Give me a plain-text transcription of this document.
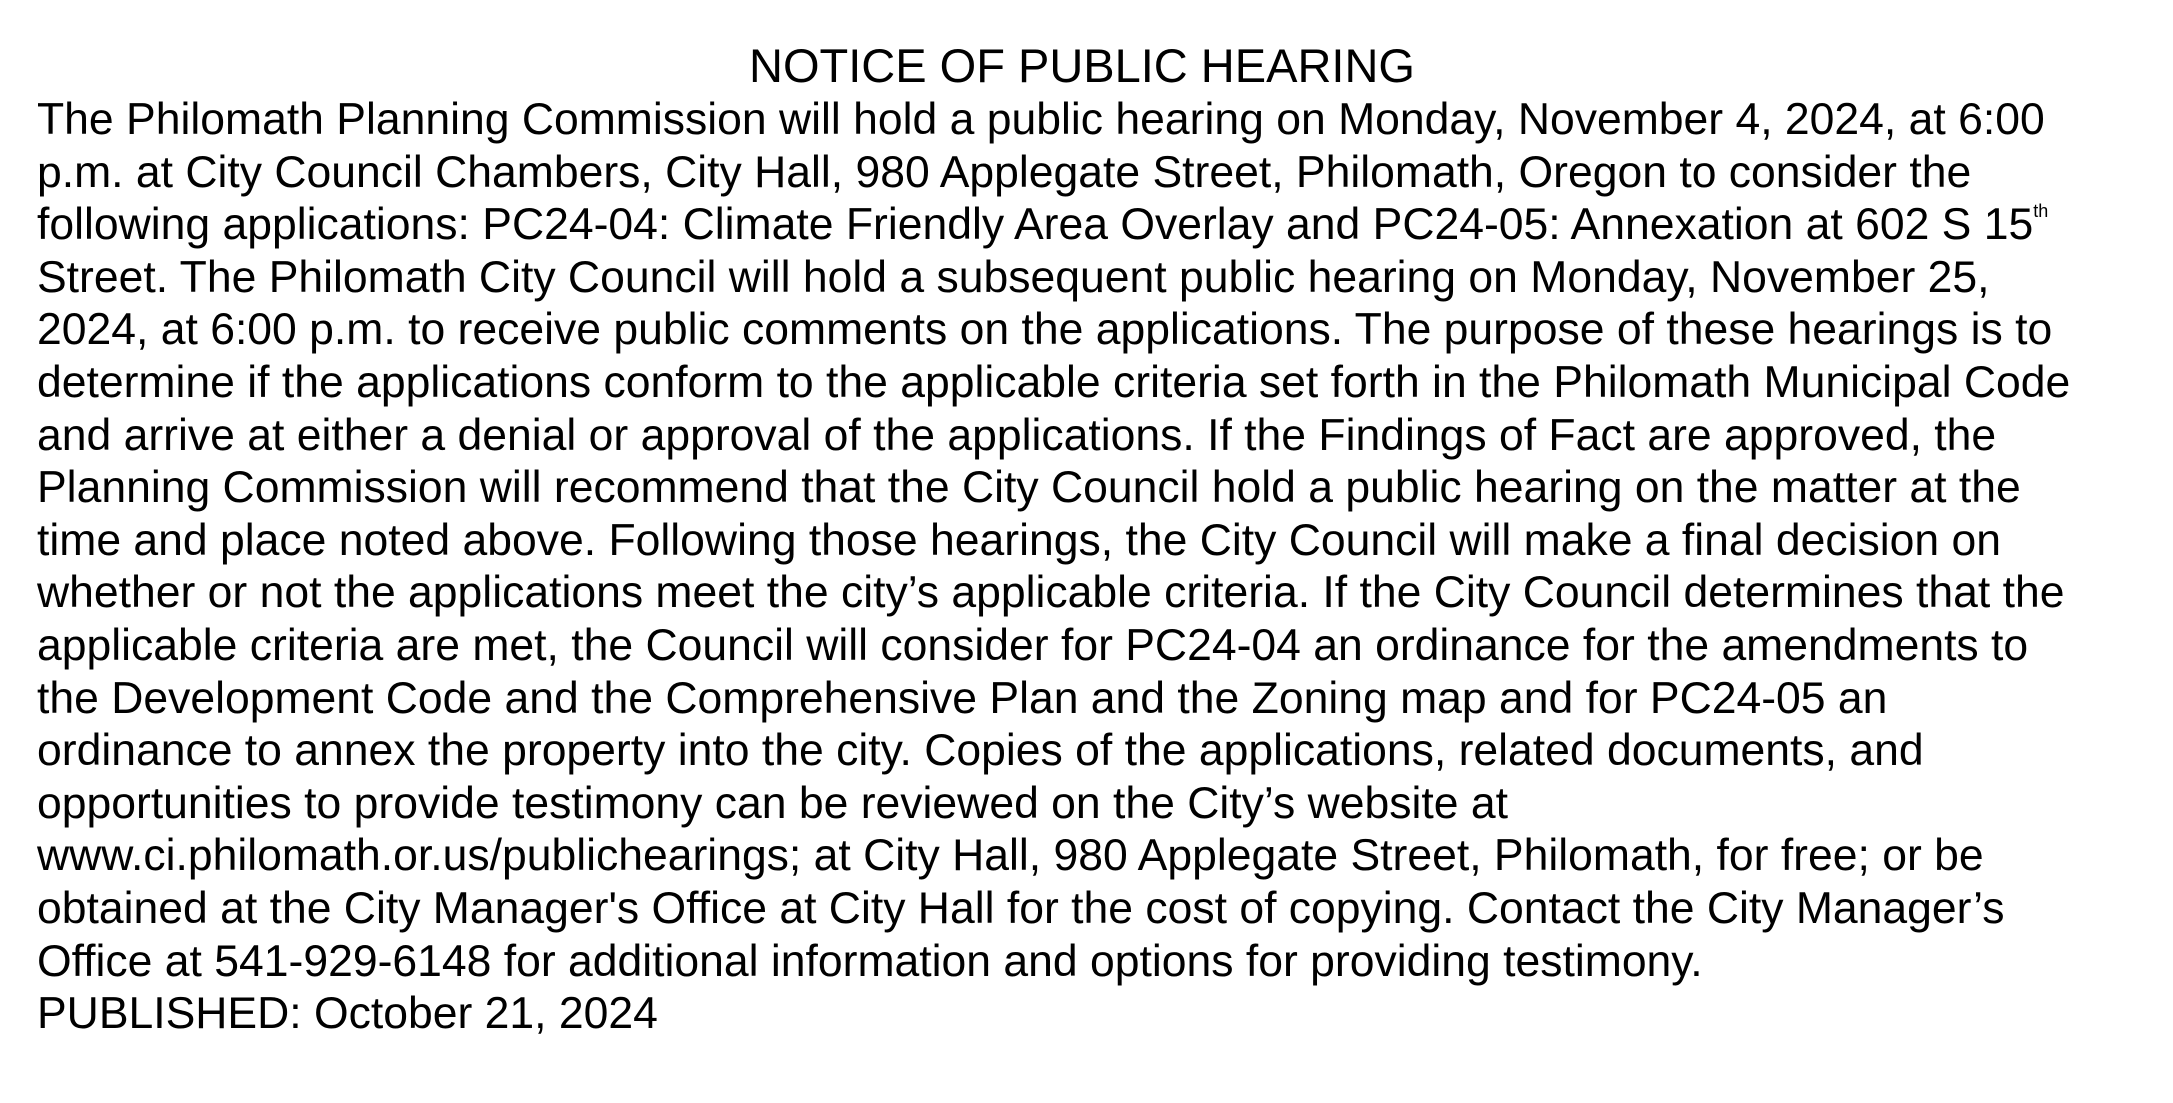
NOTICE OF PUBLIC HEARING

The Philomath Planning Commission will hold a public hearing on Monday, November 4, 2024, at 6:00

p.m. at City Council Chambers, City Hall, 980 Applegate Street, Philomath, Oregon to consider the

following applications: PC24-04: Climate Friendly Area Overlay and PC24-05: Annexation at 602 S 15th

Street. The Philomath City Council will hold a subsequent public hearing on Monday, November 25,

2024, at 6:00 p.m. to receive public comments on the applications. The purpose of these hearings is to

determine if the applications conform to the applicable criteria set forth in the Philomath Municipal Code

and arrive at either a denial or approval of the applications. If the Findings of Fact are approved, the

Planning Commission will recommend that the City Council hold a public hearing on the matter at the

time and place noted above. Following those hearings, the City Council will make a final decision on

whether or not the applications meet the city’s applicable criteria. If the City Council determines that the

applicable criteria are met, the Council will consider for PC24-04 an ordinance for the amendments to

the Development Code and the Comprehensive Plan and the Zoning map and for PC24-05 an

ordinance to annex the property into the city. Copies of the applications, related documents, and

opportunities to provide testimony can be reviewed on the City’s website at

www.ci.philomath.or.us/publichearings; at City Hall, 980 Applegate Street, Philomath, for free; or be

obtained at the City Manager's Office at City Hall for the cost of copying. Contact the City Manager’s

Office at 541-929-6148 for additional information and options for providing testimony.

PUBLISHED: October 21, 2024
